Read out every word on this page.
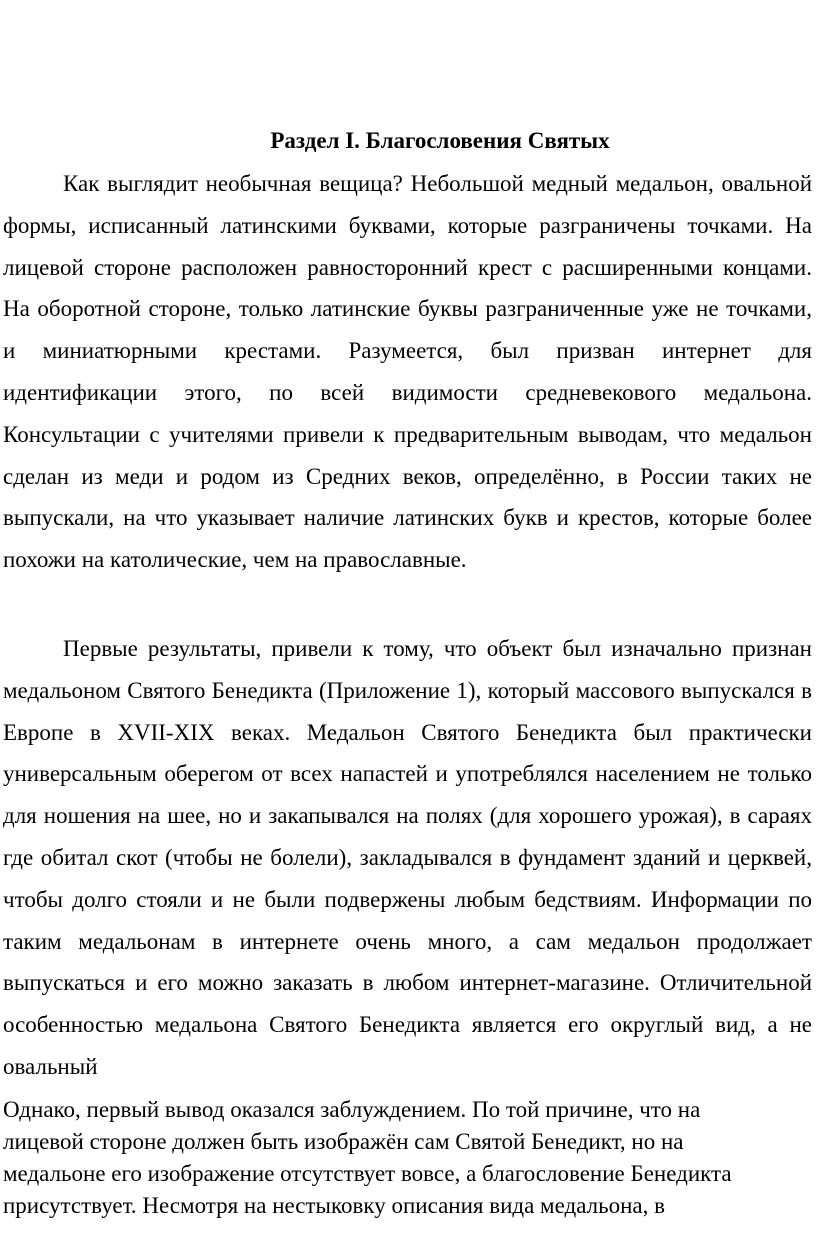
Раздел I. Благословения Святых
Как выглядит необычная вещица? Небольшой медный медальон, овальной формы, исписанный латинскими буквами, которые разграничены точками. На лицевой стороне расположен равносторонний крест с расширенными концами. На оборотной стороне, только латинские буквы разграниченные уже не точками, и миниатюрными крестами. Разумеется, был призван интернет для идентификации этого, по всей видимости средневекового медальона. Консультации с учителями привели к предварительным выводам, что медальон сделан из меди и родом из Средних веков, определённо, в России таких не выпускали, на что указывает наличие латинских букв и крестов, которые более похожи на католические, чем на православные.
Первые результаты, привели к тому, что объект был изначально признан медальоном Святого Бенедикта (Приложение 1), который массового выпускался в Европе в XVII-XIX веках. Медальон Святого Бенедикта был практически универсальным оберегом от всех напастей и употреблялся населением не только для ношения на шее, но и закапывался на полях (для хорошего урожая), в сараях где обитал скот (чтобы не болели), закладывался в фундамент зданий и церквей, чтобы долго стояли и не были подвержены любым бедствиям. Информации по таким медальонам в интернете очень много, а сам медальон продолжает выпускаться и его можно заказать в любом интернет-магазине. Отличительной особенностью медальона Святого Бенедикта является его округлый вид, а не овальный
Однако, первый вывод оказался заблуждением. По той причине, что на лицевой стороне должен быть изображён сам Святой Бенедикт, но на медальоне его изображение отсутствует вовсе, а благословение Бенедикта присутствует. Несмотря на нестыковку описания вида медальона, в
